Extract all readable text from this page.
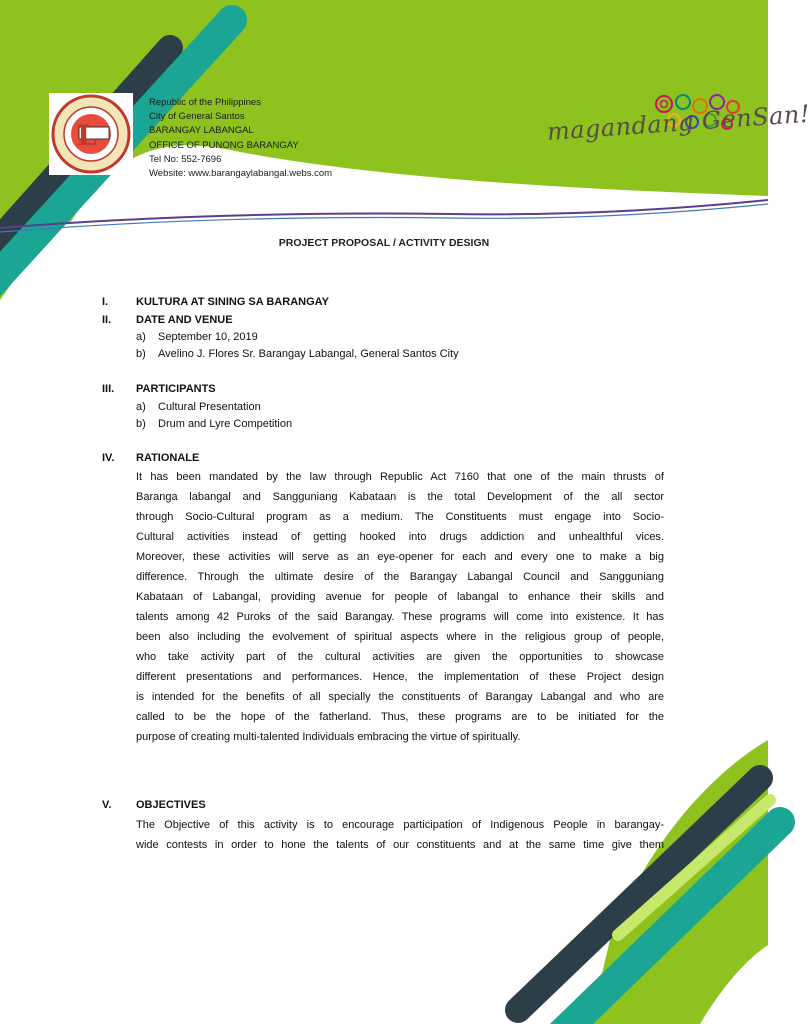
L
Republic of the Philippines
City of General Santos
BARANGAY LABANGAL
OFFICE OF PUNONG BARANGAY
Tel No: 552-7696
Website: www.barangaylabangal.webs.com
magandang GenSan!
PROJECT PROPOSAL / ACTIVITY DESIGN
I.	KULTURA AT SINING SA BARANGAY
II. DATE AND VENUE
a) September 10, 2019
b) Avelino J. Flores Sr. Barangay Labangal, General Santos City
III. PARTICIPANTS
a) Cultural Presentation
b) Drum and Lyre Competition
IV. RATIONALE
It has been mandated by the law through Republic Act 7160 that one of the main thrusts of
Baranga labangal and Sangguniang Kabataan is the total Development of the all sector
through Socio-Cultural program as a medium. The Constituents must engage into Socio-
Cultural activities instead of getting hooked into drugs addiction and unhealthful vices.
Moreover, these activities will serve as an eye-opener for each and every one to make a big
difference. Through the ultimate desire of the Barangay Labangal Council and Sangguniang
Kabataan of Labangal, providing avenue for people of labangal to enhance their skills and
talents among 42 Puroks of the said Barangay. These programs will come into existence. It has
been also including the evolvement of spiritual aspects where in the religious group of people,
who take activity part of the cultural activities are given the opportunities to showcase
different presentations and performances. Hence, the implementation of these Project design
is intended for the benefits of all specially the constituents of Barangay Labangal and who are
called to be the hope of the fatherland. Thus, these programs are to be initiated for the
purpose of creating multi-talented Individuals embracing the virtue of spiritually.
V. OBJECTIVES
The Objective of this activity is to encourage participation of Indigenous People in barangay-
wide contests in order to hone the talents of our constituents and at the same time give them
